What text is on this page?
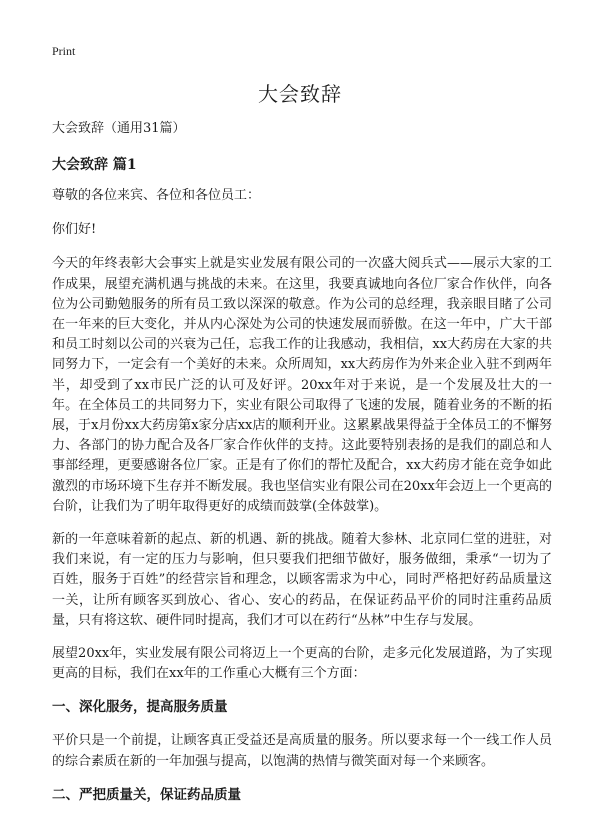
Print
大会致辞

大会致辞（通用31篇）

大会致辞 篇1

尊敬的各位来宾、各位和各位员工：

你们好!

今天的年终表彰大会事实上就是实业发展有限公司的一次盛大阅兵式——展示大家的工作成果，展望充满机遇与挑战的未来。在这里，我要真诚地向各位厂家合作伙伴，向各位为公司勤勉服务的所有员工致以深深的敬意。作为公司的总经理，我亲眼目睹了公司在一年来的巨大变化，并从内心深处为公司的快速发展而骄傲。在这一年中，广大干部和员工时刻以公司的兴衰为己任，忘我工作的让我感动，我相信，xx大药房在大家的共同努力下，一定会有一个美好的未来。众所周知，xx大药房作为外来企业入驻不到两年半，却受到了xx市民广泛的认可及好评。20xx年对于来说，是一个发展及壮大的一年。在全体员工的共同努力下，实业有限公司取得了飞速的发展，随着业务的不断的拓展，于x月份xx大药房第x家分店xx店的顺利开业。这累累战果得益于全体员工的不懈努力、各部门的协力配合及各厂家合作伙伴的支持。这此要特别表扬的是我们的副总和人事部经理，更要感谢各位厂家。正是有了你们的帮忙及配合，xx大药房才能在竞争如此激烈的市场环境下生存并不断发展。我也坚信实业有限公司在20xx年会迈上一个更高的台阶，让我们为了明年取得更好的成绩而鼓掌(全体鼓掌)。

新的一年意味着新的起点、新的机遇、新的挑战。随着大参林、北京同仁堂的进驻，对我们来说，有一定的压力与影响，但只要我们把细节做好，服务做细，秉承“一切为了百姓，服务于百姓”的经营宗旨和理念，以顾客需求为中心，同时严格把好药品质量这一关，让所有顾客买到放心、省心、安心的药品，在保证药品平价的同时注重药品质量，只有将这软、硬件同时提高，我们才可以在药行“丛林”中生存与发展。

展望20xx年，实业发展有限公司将迈上一个更高的台阶，走多元化发展道路，为了实现更高的目标，我们在xx年的工作重心大概有三个方面：

一、深化服务，提高服务质量

平价只是一个前提，让顾客真正受益还是高质量的服务。所以要求每一个一线工作人员的综合素质在新的一年加强与提高，以饱满的热情与微笑面对每一个来顾客。

二、严把质量关，保证药品质量
